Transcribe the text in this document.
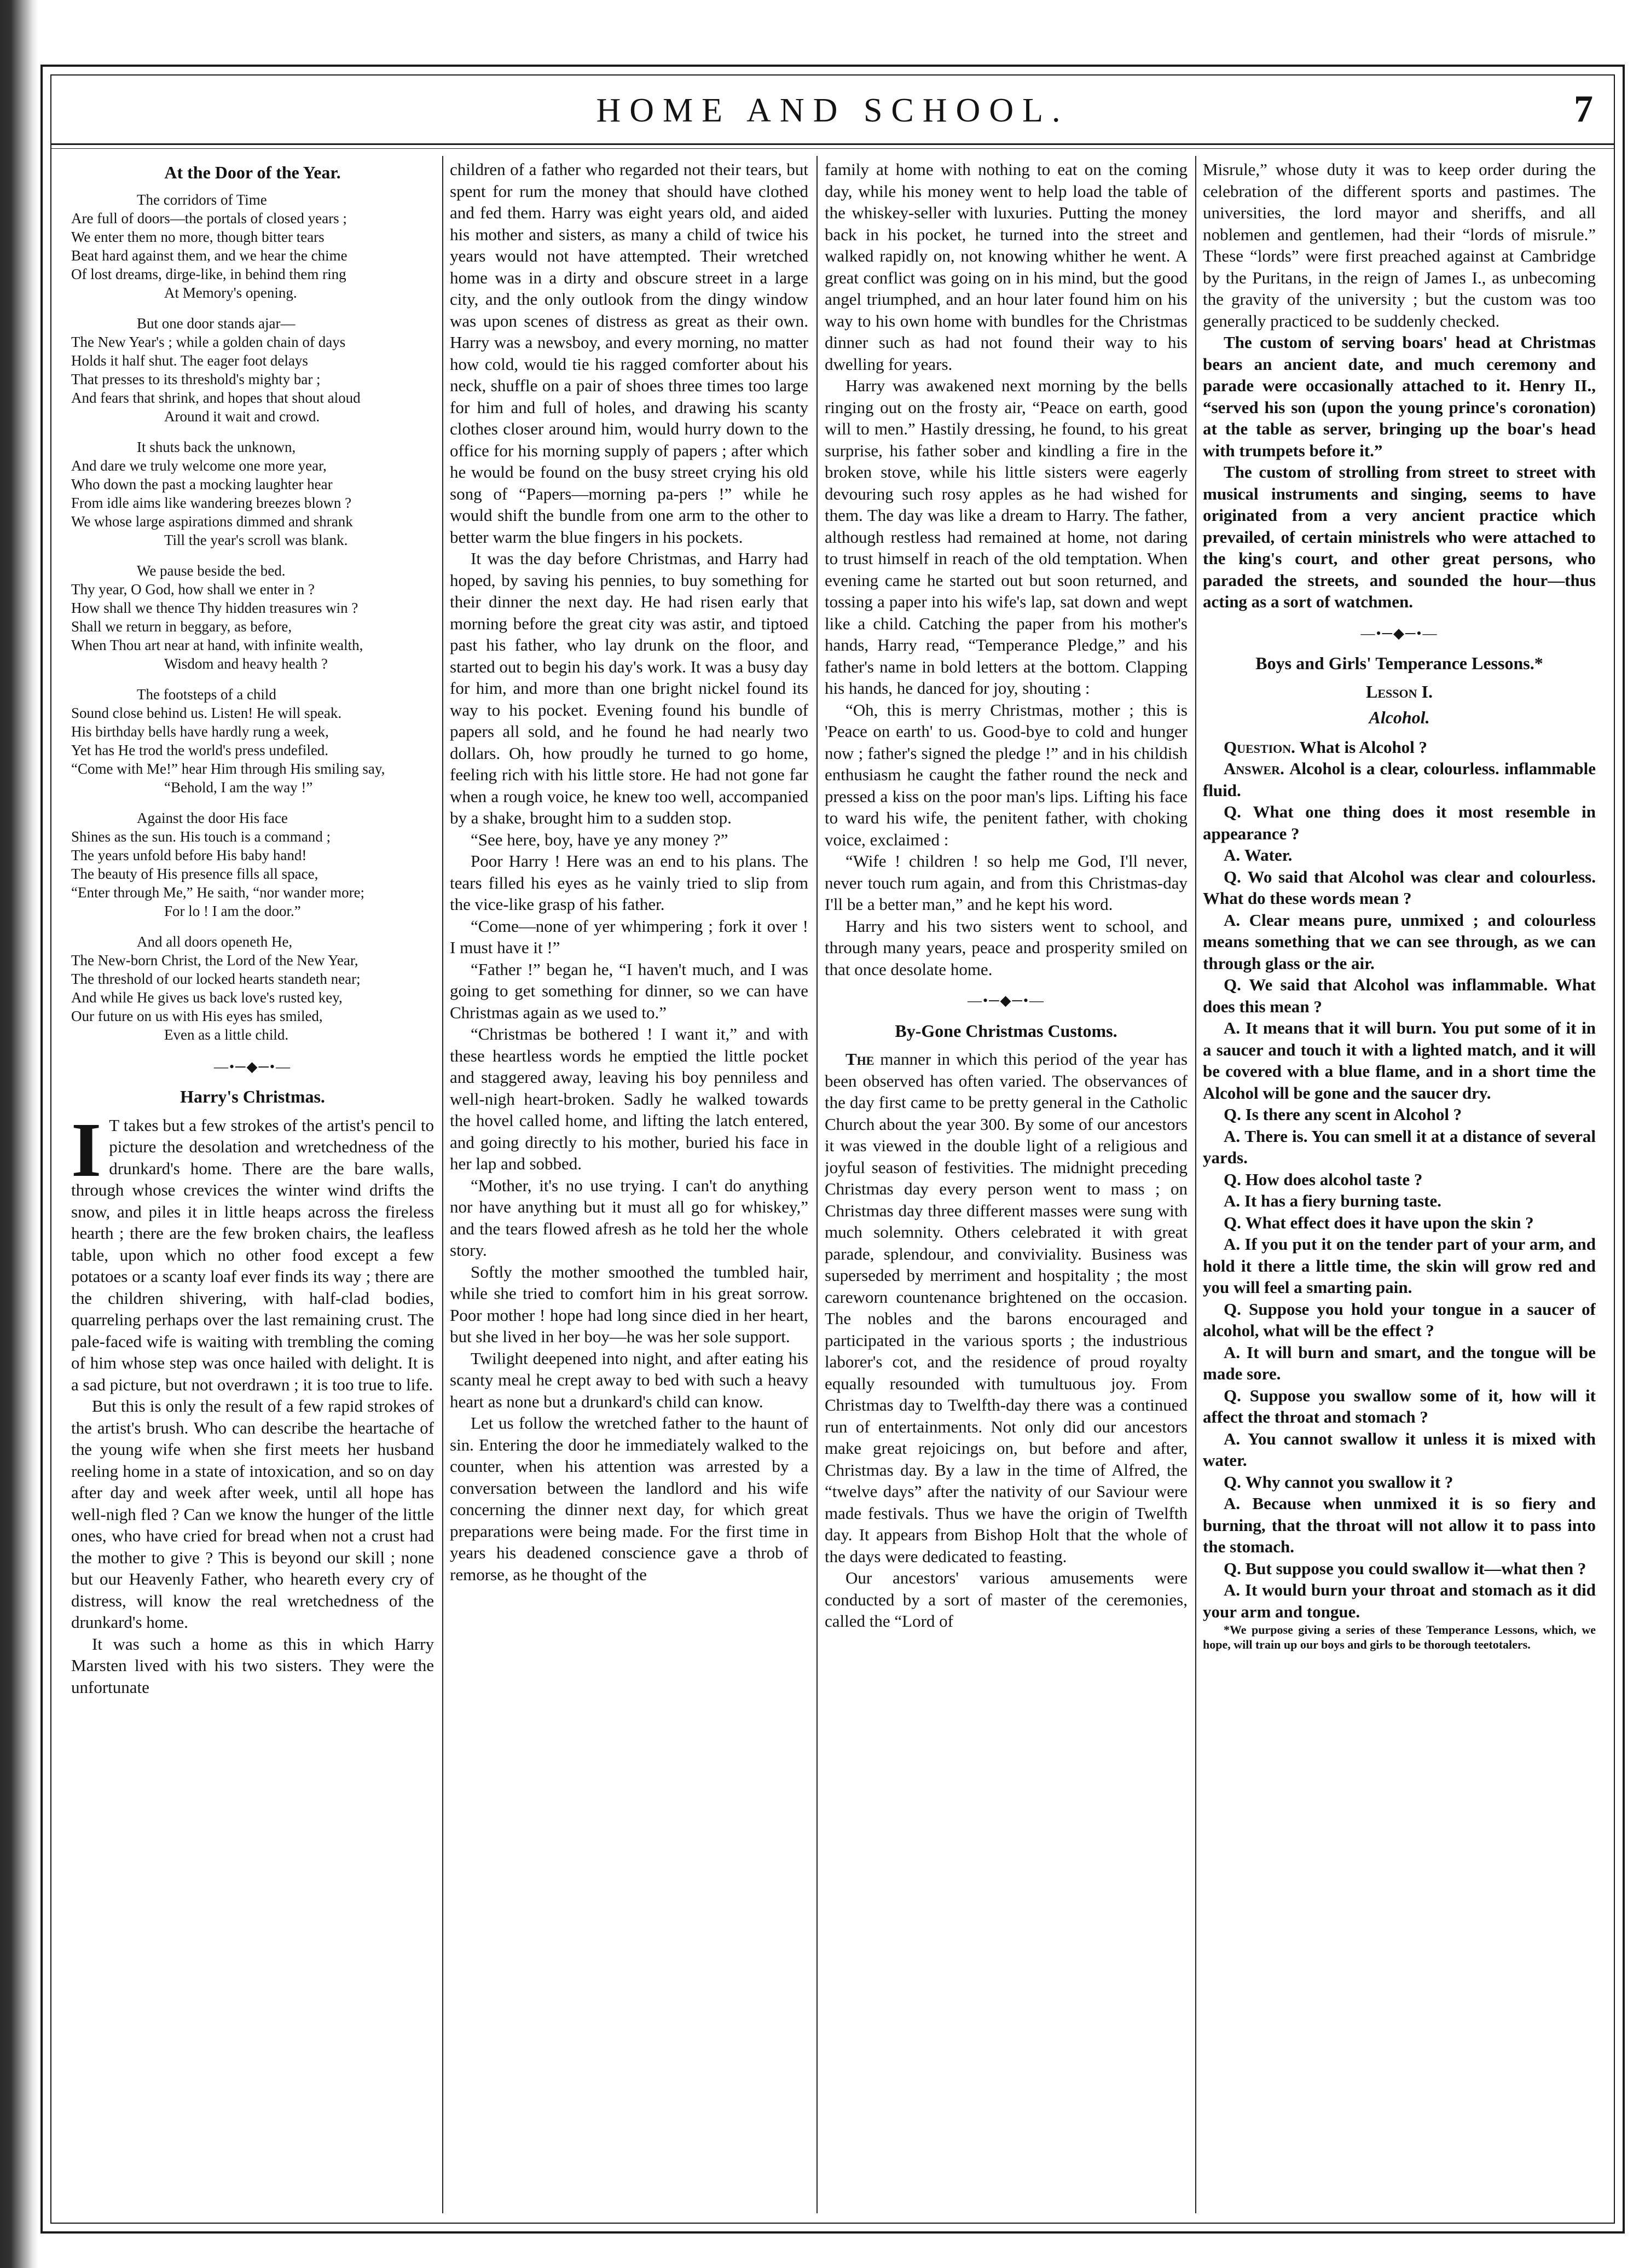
HOME AND SCHOOL.	7
At the Door of the Year.
The corridors of Time
Are full of doors—the portals of closed years ;
We enter them no more, though bitter tears
Beat hard against them, and we hear the chime
Of lost dreams, dirge-like, in behind them ring
At Memory's opening.
But one door stands ajar—
The New Year's ; while a golden chain of days
Holds it half shut. The eager foot delays
That presses to its threshold's mighty bar ;
And fears that shrink, and hopes that shout aloud
Around it wait and crowd.
It shuts back the unknown,
And dare we truly welcome one more year,
Who down the past a mocking laughter hear
From idle aims like wandering breezes blown ?
We whose large aspirations dimmed and shrank
Till the year's scroll was blank.
We pause beside the bed.
Thy year, O God, how shall we enter in ?
How shall we thence Thy hidden treasures win ?
Shall we return in beggary, as before,
When Thou art near at hand, with infinite wealth,
Wisdom and heavy health ?
The footsteps of a child
Sound close behind us. Listen! He will speak.
His birthday bells have hardly rung a week,
Yet has He trod the world's press undefiled.
“Come with Me!” hear Him through His smiling say,
“Behold, I am the way !”
Against the door His face
Shines as the sun. His touch is a command ;
The years unfold before His baby hand!
The beauty of His presence fills all space,
“Enter through Me,” He saith, “nor wander more;
For lo ! I am the door.”
And all doors openeth He,
The New-born Christ, the Lord of the New Year,
The threshold of our locked hearts standeth near;
And while He gives us back love's rusted key,
Our future on us with His eyes has smiled,
Even as a little child.
—•─◆─•—
Harry's Christmas.
I T takes but a few strokes of the artist's pencil to picture the desolation and wretchedness of the drunkard's home. There are the bare walls, through whose crevices the winter wind drifts the snow, and piles it in little heaps across the fireless hearth ; there are the few broken chairs, the leafless table, upon which no other food except a few potatoes or a scanty loaf ever finds its way ; there are the children shivering, with half-clad bodies, quarreling perhaps over the last remaining crust. The pale-faced wife is waiting with trembling the coming of him whose step was once hailed with delight. It is a sad picture, but not overdrawn ; it is too true to life.

But this is only the result of a few rapid strokes of the artist's brush. Who can describe the heartache of the young wife when she first meets her husband reeling home in a state of intoxication, and so on day after day and week after week, until all hope has well-nigh fled ? Can we know the hunger of the little ones, who have cried for bread when not a crust had the mother to give ? This is beyond our skill ; none but our Heavenly Father, who heareth every cry of distress, will know the real wretchedness of the drunkard's home.

It was such a home as this in which Harry Marsten lived with his two sisters. They were the unfortunate

children of a father who regarded not their tears, but spent for rum the money that should have clothed and fed them. Harry was eight years old, and aided his mother and sisters, as many a child of twice his years would not have attempted. Their wretched home was in a dirty and obscure street in a large city, and the only outlook from the dingy window was upon scenes of distress as great as their own. Harry was a newsboy, and every morning, no matter how cold, would tie his ragged comforter about his neck, shuffle on a pair of shoes three times too large for him and full of holes, and drawing his scanty clothes closer around him, would hurry down to the office for his morning supply of papers ; after which he would be found on the busy street crying his old song of “Papers—morning pa-pers !” while he would shift the bundle from one arm to the other to better warm the blue fingers in his pockets.

It was the day before Christmas, and Harry had hoped, by saving his pennies, to buy something for their dinner the next day. He had risen early that morning before the great city was astir, and tiptoed past his father, who lay drunk on the floor, and started out to begin his day's work. It was a busy day for him, and more than one bright nickel found its way to his pocket. Evening found his bundle of papers all sold, and he found he had nearly two dollars. Oh, how proudly he turned to go home, feeling rich with his little store. He had not gone far when a rough voice, he knew too well, accompanied by a shake, brought him to a sudden stop.

“See here, boy, have ye any money ?”

Poor Harry ! Here was an end to his plans. The tears filled his eyes as he vainly tried to slip from the vice-like grasp of his father.

“Come—none of yer whimpering ; fork it over ! I must have it !”

“Father !” began he, “I haven't much, and I was going to get something for dinner, so we can have Christmas again as we used to.”

“Christmas be bothered ! I want it,” and with these heartless words he emptied the little pocket and staggered away, leaving his boy penniless and well-nigh heart-broken. Sadly he walked towards the hovel called home, and lifting the latch entered, and going directly to his mother, buried his face in her lap and sobbed.

“Mother, it's no use trying. I can't do anything nor have anything but it must all go for whiskey,” and the tears flowed afresh as he told her the whole story.

Softly the mother smoothed the tumbled hair, while she tried to comfort him in his great sorrow. Poor mother ! hope had long since died in her heart, but she lived in her boy—he was her sole support.

Twilight deepened into night, and after eating his scanty meal he crept away to bed with such a heavy heart as none but a drunkard's child can know.

Let us follow the wretched father to the haunt of sin. Entering the door he immediately walked to the counter, when his attention was arrested by a conversation between the landlord and his wife concerning the dinner next day, for which great preparations were being made. For the first time in years his deadened conscience gave a throb of remorse, as he thought of the

family at home with nothing to eat on the coming day, while his money went to help load the table of the whiskey-seller with luxuries. Putting the money back in his pocket, he turned into the street and walked rapidly on, not knowing whither he went. A great conflict was going on in his mind, but the good angel triumphed, and an hour later found him on his way to his own home with bundles for the Christmas dinner such as had not found their way to his dwelling for years.

Harry was awakened next morning by the bells ringing out on the frosty air, “Peace on earth, good will to men.” Hastily dressing, he found, to his great surprise, his father sober and kindling a fire in the broken stove, while his little sisters were eagerly devouring such rosy apples as he had wished for them. The day was like a dream to Harry. The father, although restless had remained at home, not daring to trust himself in reach of the old temptation. When evening came he started out but soon returned, and tossing a paper into his wife's lap, sat down and wept like a child. Catching the paper from his mother's hands, Harry read, “Temperance Pledge,” and his father's name in bold letters at the bottom. Clapping his hands, he danced for joy, shouting :

“Oh, this is merry Christmas, mother ; this is 'Peace on earth' to us. Good-bye to cold and hunger now ; father's signed the pledge !” and in his childish enthusiasm he caught the father round the neck and pressed a kiss on the poor man's lips. Lifting his face to ward his wife, the penitent father, with choking voice, exclaimed :

“Wife ! children ! so help me God, I'll never, never touch rum again, and from this Christmas-day I'll be a better man,” and he kept his word.

Harry and his two sisters went to school, and through many years, peace and prosperity smiled on that once desolate home.

—•─◆─•—
By-Gone Christmas Customs.

The manner in which this period of the year has been observed has often varied. The observances of the day first came to be pretty general in the Catholic Church about the year 300. By some of our ancestors it was viewed in the double light of a religious and joyful season of festivities. The midnight preceding Christmas day every person went to mass ; on Christmas day three different masses were sung with much solemnity. Others celebrated it with great parade, splendour, and conviviality. Business was superseded by merriment and hospitality ; the most careworn countenance brightened on the occasion. The nobles and the barons encouraged and participated in the various sports ; the industrious laborer's cot, and the residence of proud royalty equally resounded with tumultuous joy. From Christmas day to Twelfth-day there was a continued run of entertainments. Not only did our ancestors make great rejoicings on, but before and after, Christmas day. By a law in the time of Alfred, the “twelve days” after the nativity of our Saviour were made festivals. Thus we have the origin of Twelfth day. It appears from Bishop Holt that the whole of the days were dedicated to feasting.

Our ancestors' various amusements were conducted by a sort of master of the ceremonies, called the “Lord of

Misrule,” whose duty it was to keep order during the celebration of the different sports and pastimes. The universities, the lord mayor and sheriffs, and all noblemen and gentlemen, had their “lords of misrule.” These “lords” were first preached against at Cambridge by the Puritans, in the reign of James I., as unbecoming the gravity of the university ; but the custom was too generally practiced to be suddenly checked.

The custom of serving boars' head at Christmas bears an ancient date, and much ceremony and parade were occasionally attached to it. Henry II., “served his son (upon the young prince's coronation) at the table as server, bringing up the boar's head with trumpets before it.”

The custom of strolling from street to street with musical instruments and singing, seems to have originated from a very ancient practice which prevailed, of certain ministrels who were attached to the king's court, and other great persons, who paraded the streets, and sounded the hour—thus acting as a sort of watchmen.

—•─◆─•—
Boys and Girls' Temperance Lessons.*
Lesson I.
Alcohol.

Question. What is Alcohol ?

Answer. Alcohol is a clear, colourless. inflammable fluid.

Q. What one thing does it most resemble in appearance ?

A. Water.

Q. Wo said that Alcohol was clear and colourless. What do these words mean ?

A. Clear means pure, unmixed ; and colourless means something that we can see through, as we can through glass or the air.

Q. We said that Alcohol was inflammable. What does this mean ?

A. It means that it will burn. You put some of it in a saucer and touch it with a lighted match, and it will be covered with a blue flame, and in a short time the Alcohol will be gone and the saucer dry.

Q. Is there any scent in Alcohol ?

A. There is. You can smell it at a distance of several yards.

Q. How does alcohol taste ?

A. It has a fiery burning taste.

Q. What effect does it have upon the skin ?

A. If you put it on the tender part of your arm, and hold it there a little time, the skin will grow red and you will feel a smarting pain.

Q. Suppose you hold your tongue in a saucer of alcohol, what will be the effect ?

A. It will burn and smart, and the tongue will be made sore.

Q. Suppose you swallow some of it, how will it affect the throat and stomach ?

A. You cannot swallow it unless it is mixed with water.

Q. Why cannot you swallow it ?

A. Because when unmixed it is so fiery and burning, that the throat will not allow it to pass into the stomach.

Q. But suppose you could swallow it—what then ?

A. It would burn your throat and stomach as it did your arm and tongue.

*We purpose giving a series of these Temperance Lessons, which, we hope, will train up our boys and girls to be thorough teetotalers.
